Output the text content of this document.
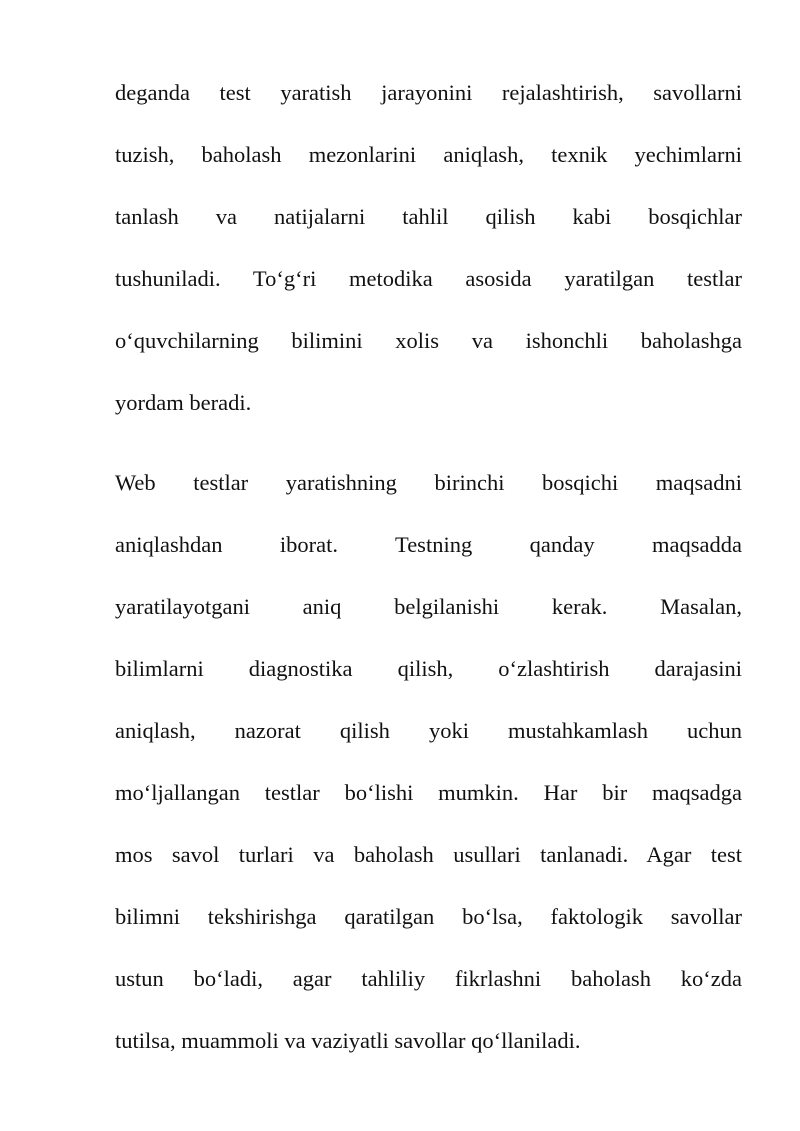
deganda test yaratish jarayonini rejalashtirish, savollarni
tuzish, baholash mezonlarini aniqlash, texnik yechimlarni
tanlash va natijalarni tahlil qilish kabi bosqichlar
tushuniladi. To‘g‘ri metodika asosida yaratilgan testlar
o‘quvchilarning bilimini xolis va ishonchli baholashga
yordam beradi.
Web testlar yaratishning birinchi bosqichi maqsadni
aniqlashdan iborat. Testning qanday maqsadda
yaratilayotgani aniq belgilanishi kerak. Masalan,
bilimlarni diagnostika qilish, o‘zlashtirish darajasini
aniqlash, nazorat qilish yoki mustahkamlash uchun
mo‘ljallangan testlar bo‘lishi mumkin. Har bir maqsadga
mos savol turlari va baholash usullari tanlanadi. Agar test
bilimni tekshirishga qaratilgan bo‘lsa, faktologik savollar
ustun bo‘ladi, agar tahliliy fikrlashni baholash ko‘zda
tutilsa, muammoli va vaziyatli savollar qo‘llaniladi.
